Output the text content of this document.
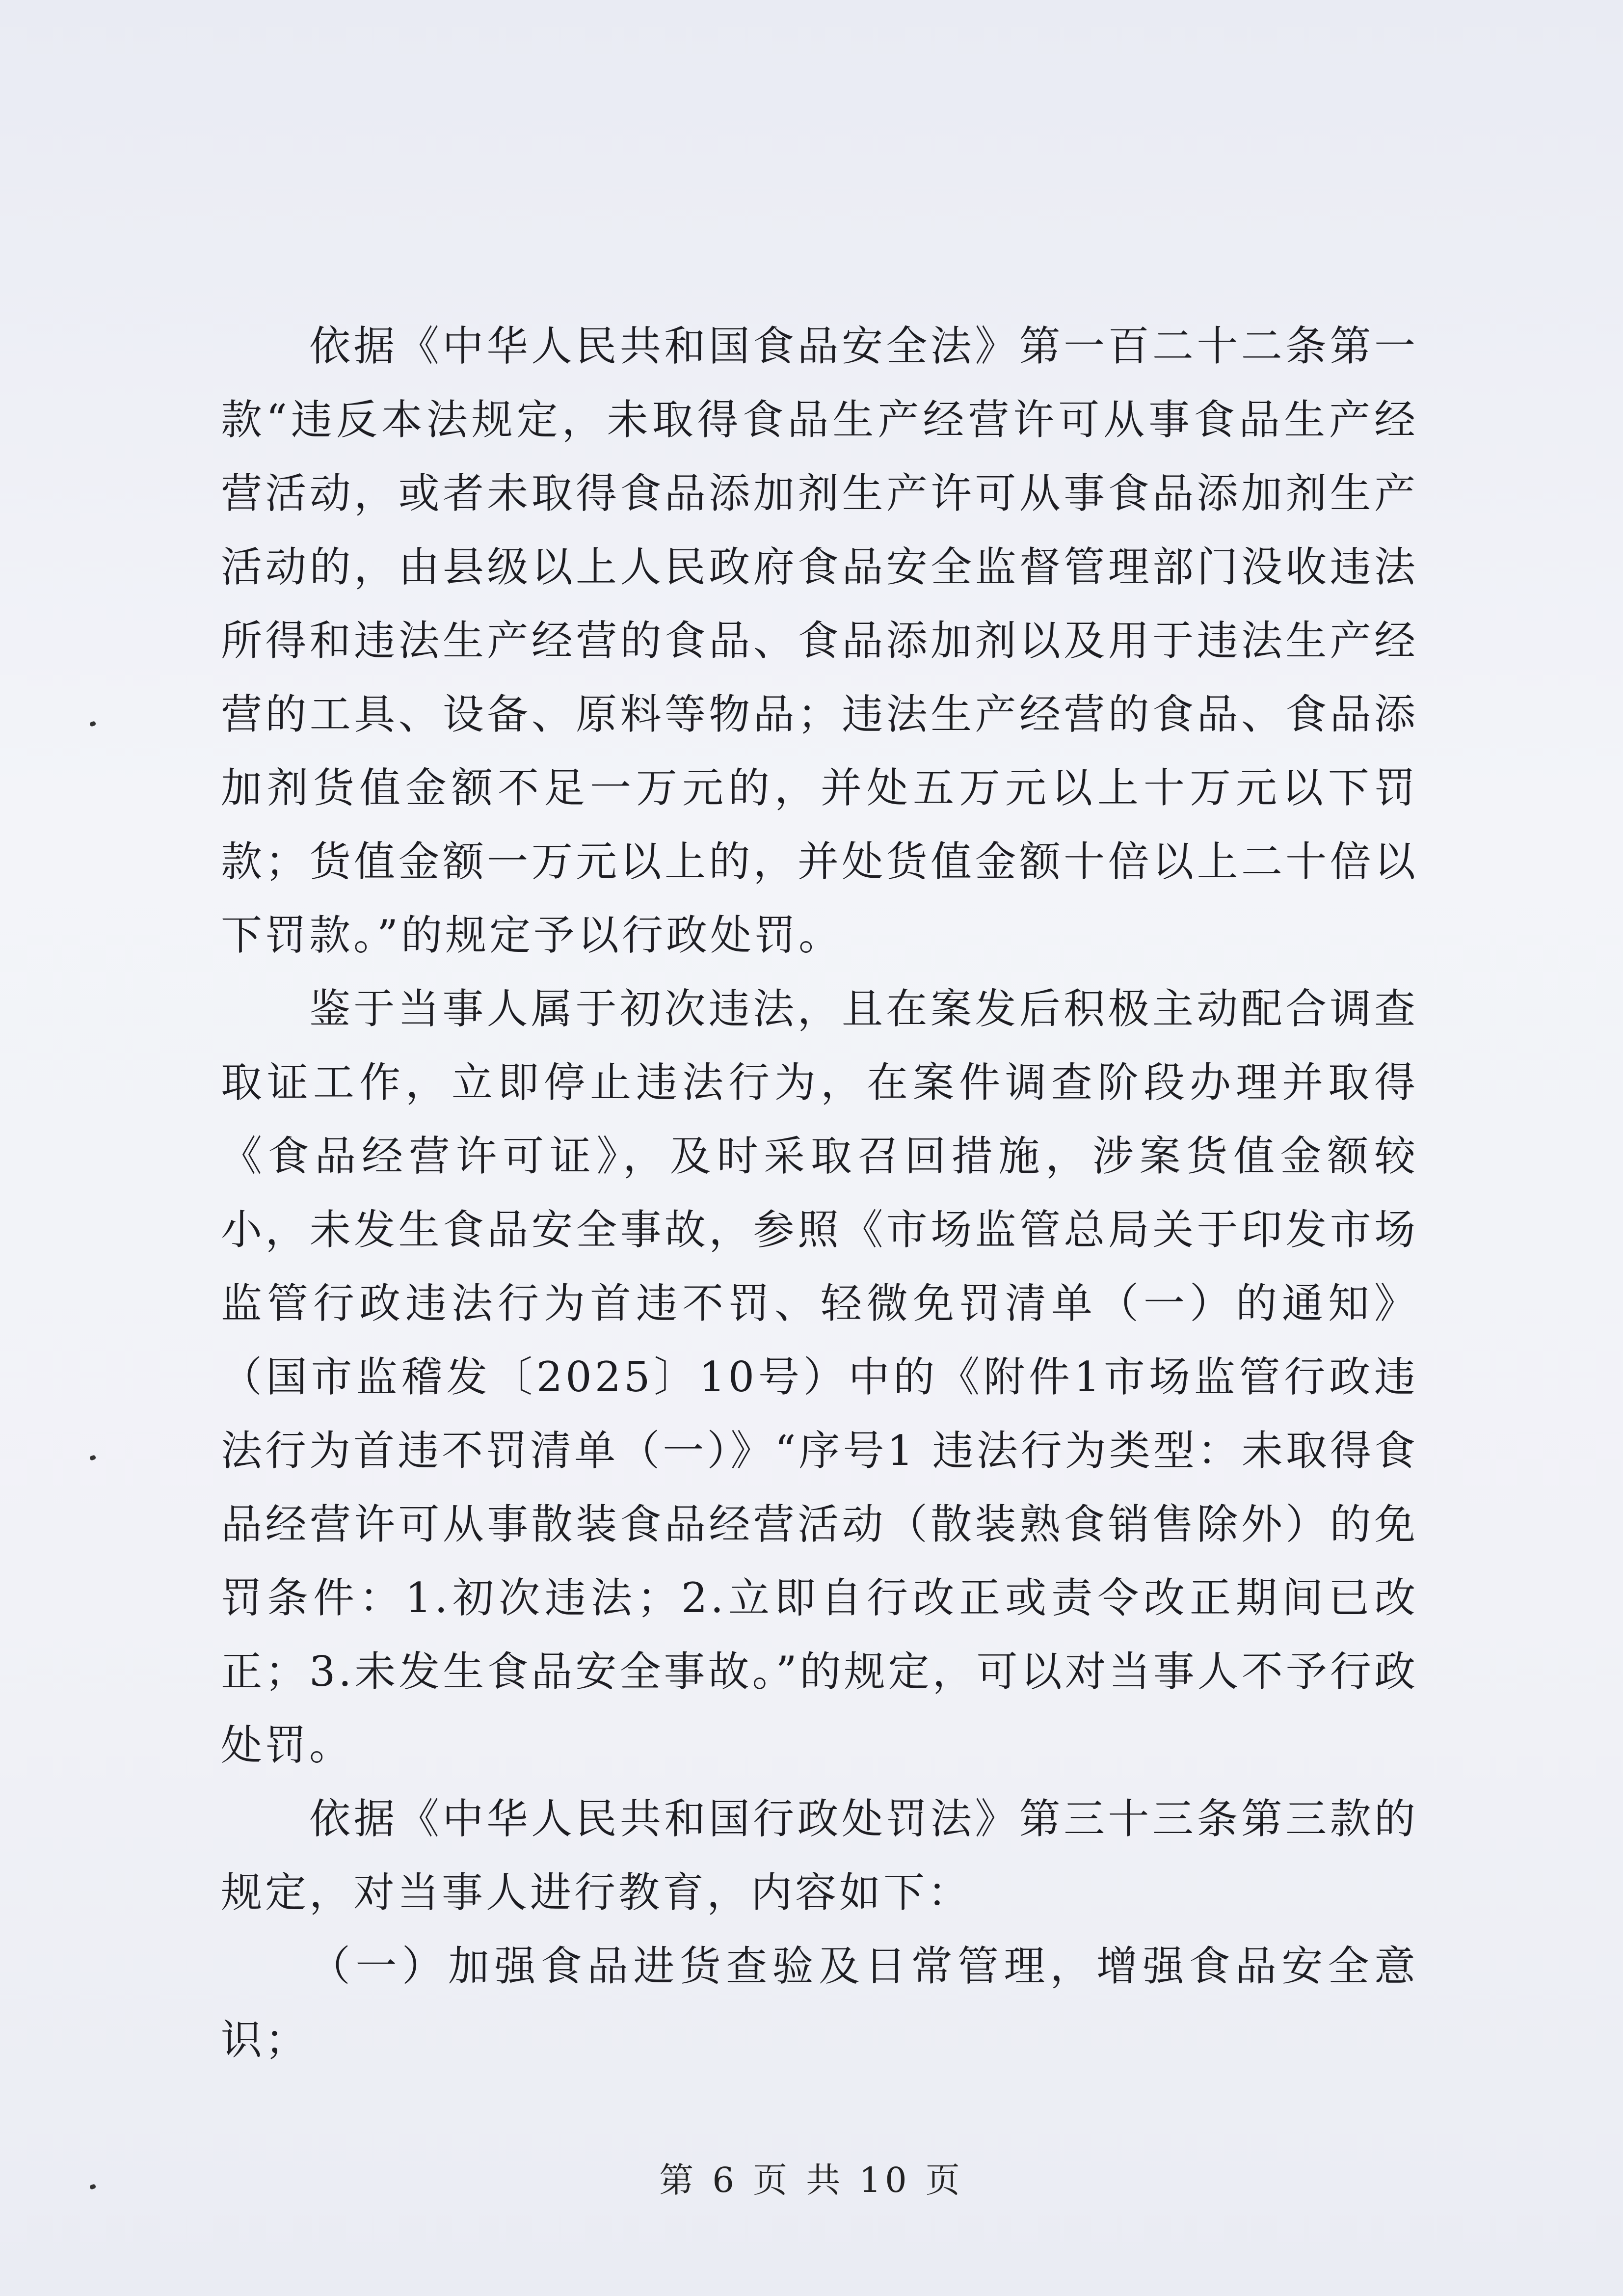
依据《中华人民共和国食品安全法》第一百二十二条第一款“违反本法规定，未取得食品生产经营许可从事食品生产经营活动，或者未取得食品添加剂生产许可从事食品添加剂生产活动的，由县级以上人民政府食品安全监督管理部门没收违法所得和违法生产经营的食品、食品添加剂以及用于违法生产经营的工具、设备、原料等物品；违法生产经营的食品、食品添加剂货值金额不足一万元的，并处五万元以上十万元以下罚款；货值金额一万元以上的，并处货值金额十倍以上二十倍以下罚款。”的规定予以行政处罚。

鉴于当事人属于初次违法，且在案发后积极主动配合调查取证工作，立即停止违法行为，在案件调查阶段办理并取得《食品经营许可证》，及时采取召回措施，涉案货值金额较小，未发生食品安全事故，参照《市场监管总局关于印发市场监管行政违法行为首违不罚、轻微免罚清单（一）的通知》（国市监稽发〔2025〕10号）中的《附件1市场监管行政违法行为首违不罚清单（一）》“序号1 违法行为类型：未取得食品经营许可从事散装食品经营活动（散装熟食销售除外）的免罚条件：1.初次违法；2.立即自行改正或责令改正期间已改正；3.未发生食品安全事故。”的规定，可以对当事人不予行政处罚。

依据《中华人民共和国行政处罚法》第三十三条第三款的规定，对当事人进行教育，内容如下：

（一）加强食品进货查验及日常管理，增强食品安全意识；

第 6 页 共 10 页
